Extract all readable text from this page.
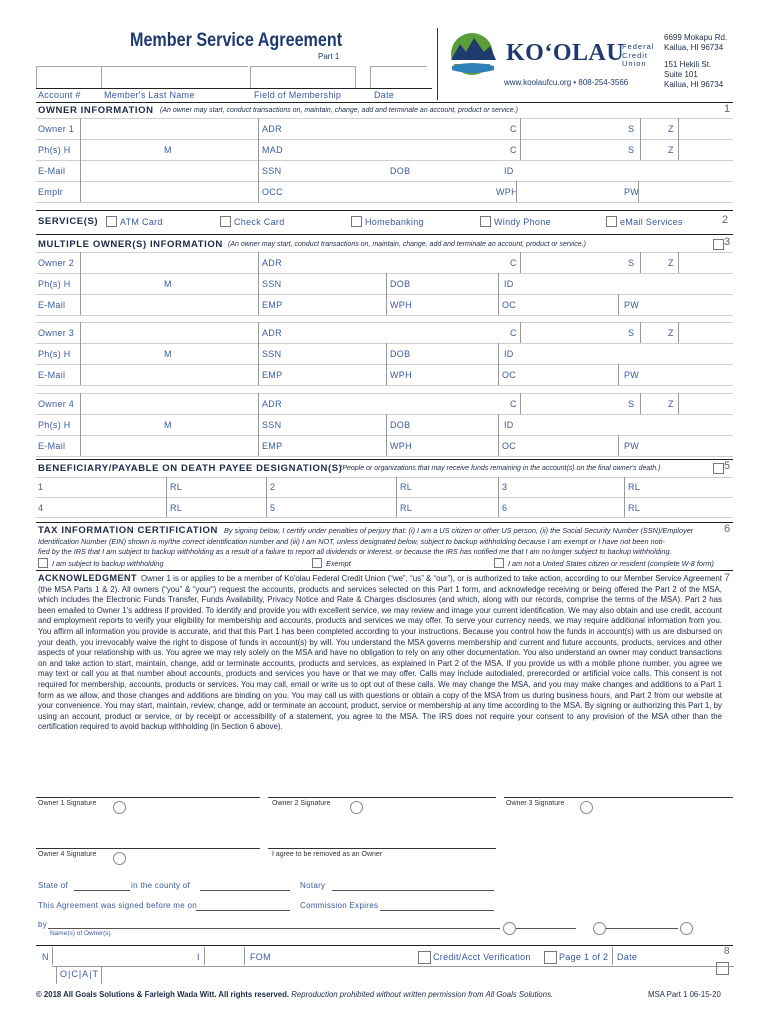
Member Service Agreement
Part 1
Account #	Member's Last Name	Field of Membership	Date
KO‘OLAU
Federal
Credit
Union
www.koolaufcu.org • 808-254-3566
6699 Mokapu Rd.
Kailua, HI 96734
151 Hekili St.
Suite 101
Kailua, HI 96734
OWNER INFORMATION (An owner may start, conduct transactions on, maintain, change, add and terminate an account, product or service.)	1
Owner 1	ADR	C	S	Z
Ph(s) H	M	MAD	C	S	Z
E-Mail	SSN	DOB	ID
Emplr	OCC	WPH	PW
SERVICE(S) ATM Card	Check Card	Homebanking	Windy Phone	eMail Services	2
MULTIPLE OWNER(S) INFORMATION (An owner may start, conduct transactions on, maintain, change, add and terminate an account, product or service.)	3
Owner 2	ADR	C	S	Z
Ph(s) H	M	SSN	DOB	ID
E-Mail	EMP	WPH	OC	PW
Owner 3	ADR	C	S	Z
Ph(s) H	M	SSN	DOB	ID
E-Mail	EMP	WPH	OC	PW
Owner 4	ADR	C	S	Z
Ph(s) H	M	SSN	DOB	ID
E-Mail	EMP	WPH	OC	PW
BENEFICIARY/PAYABLE ON DEATH PAYEE DESIGNATION(S)
(People or organizations that may receive funds remaining in the account(s) on the final owner's death.)	5
1	RL	2	RL	3	RL
4	RL	5	RL	6	RL
TAX INFORMATION CERTIFICATION By signing below, I certify under penalties of perjury that: (i) I am a US citizen or other US person, (ii) the Social Security Number (SSN)/Employer	6
Identification Number (EIN) shown is my/the correct identification number and (iii) I am NOT, unless designated below, subject to backup withholding because I am exempt or I have not been noti-
fied by the IRS that I am subject to backup withholding as a result of a failure to report all dividends or interest, or because the IRS has notified me that I am no longer subject to backup withholding.
I am subject to backup withholding	Exempt	I am not a United States citizen or resident (complete W-8 form)
7
ACKNOWLEDGMENT Owner 1 is or applies to be a member of Ko'olau Federal Credit Union (“we”, “us” & “our”), or is authorized to take action, according to our Member Service Agreement (the MSA Parts 1 & 2). All owners (“you” & “your”) request the accounts, products and services selected on this Part 1 form, and acknowledge receiving or being offered the Part 2 of the MSA, which includes the Electronic Funds Transfer, Funds Availability, Privacy Notice and Rate & Charges disclosures (and which, along with our records, comprise the terms of the MSA). Part 2 has been emailed to Owner 1's address if provided. To identify and provide you with excellent service, we may review and image your current identification. We may also obtain and use credit, account and employment reports to verify your eligibility for membership and accounts, products and services we may offer. To serve your currency needs, we may require additional information from you. You affirm all information you provide is accurate, and that this Part 1 has been completed according to your instructions. Because you control how the funds in account(s) with us are disbursed on your death, you irrevocably waive the right to dispose of funds in account(s) by will. You understand the MSA governs membership and current and future accounts, products, services and other aspects of your relationship with us. You agree we may rely solely on the MSA and have no obligation to rely on any other documentation. You also understand an owner may conduct transactions on and take action to start, maintain, change, add or terminate accounts, products and services, as explained in Part 2 of the MSA. If you provide us with a mobile phone number, you agree we may text or call you at that number about accounts, products and services you have or that we may offer. Calls may include autodialed, prerecorded or artificial voice calls. This consent is not required for membership, accounts, products or services. You may call, email or write us to opt out of these calls. We may change the MSA, and you may make changes and additions to a Part 1 form as we allow, and those changes and additions are binding on you. You may call us with questions or obtain a copy of the MSA from us during business hours, and Part 2 from our website at your convenience. You may start, maintain, review, change, add or terminate an account, product, service or membership at any time according to the MSA. By signing or authorizing this Part 1, by using an account, product or service, or by receipt or accessibility of a statement, you agree to the MSA. The IRS does not require your consent to any provision of the MSA other than the certification required to avoid backup withholding (in Section 6 above).
Owner 1 Signature	Owner 2 Signature	Owner 3 Signature
Owner 4 Signature	I agree to be removed as an Owner
State of	in the county of	Notary
This Agreement was signed before me on	Commission Expires
by
Name(s) of Owner(s)
N	I	FOM	Credit/Acct Verification	Page 1 of 2 Date	8
O|C|A|T
© 2018 All Goals Solutions & Farleigh Wada Witt. All rights reserved. Reproduction prohibited without written permission from All Goals Solutions.	MSA Part 1 06-15-20
